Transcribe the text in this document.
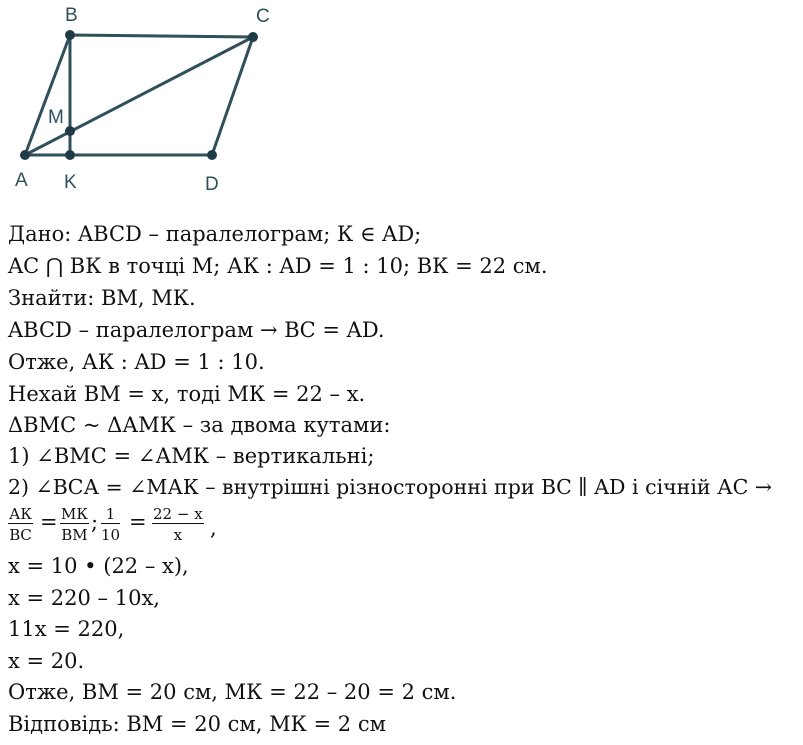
B	C
M
A K	D
Дано: ABCD – паралелограм; К ∈ AD;
AC ⋂ ВК в точці М; АК : AD = 1 : 10; ВК = 22 см.
Знайти: ВМ, МК.
ABCD – паралелограм → ВС = AD.
Отже, АК : AD = 1 : 10.
Нехай ВМ = х, тоді МК = 22 – х.
ΔВМС ~ ΔАМК – за двома кутами:
1) ∠ВМС = ∠АМК – вертикальні;
2) ∠ВСА = ∠МАК – внутрішні різносторонні при ВС ∥ AD і січній АС →
АК
ВС
= МК
ВМ
; $\frac{1}{10} = \frac{22 - x}{x}$ ,
х = 10 • (22 – х),
х = 220 – 10х,
11х = 220,
х = 20.
Отже, ВМ = 20 см, МК = 22 – 20 = 2 см.
Відповідь: ВМ = 20 см, МК = 2 см
